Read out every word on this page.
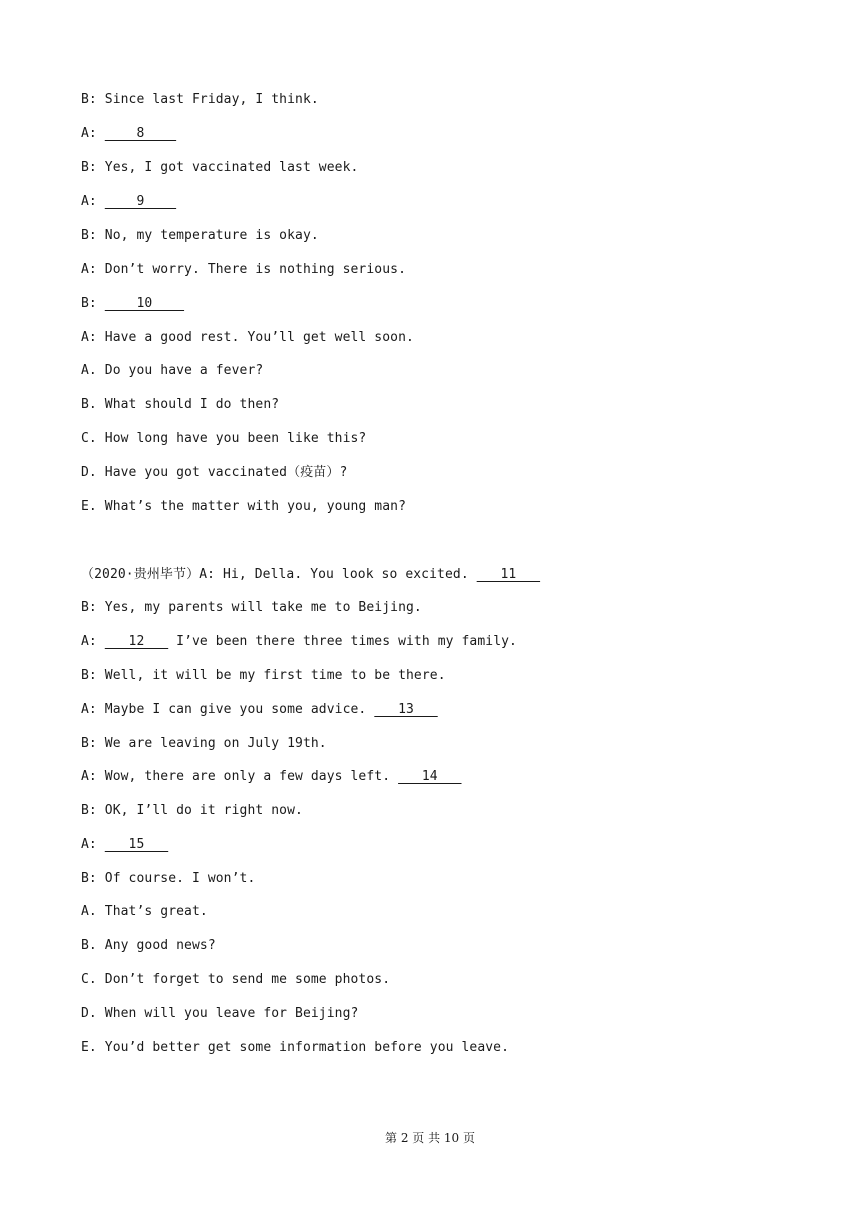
B: Since last Friday, I think.
A:     8
B: Yes, I got vaccinated last week.
A:     9
B: No, my temperature is okay.
A: Don’t worry. There is nothing serious.
B:     10
A: Have a good rest. You’ll get well soon.
A. Do you have a fever?
B. What should I do then?
C. How long have you been like this?
D. Have you got vaccinated（疫苗）?
E. What’s the matter with you, young man?
（2020·贵州毕节）A: Hi, Della. You look so excited.    11
B: Yes, my parents will take me to Beijing.
A:    12    I’ve been there three times with my family.
B: Well, it will be my first time to be there.
A: Maybe I can give you some advice.    13
B: We are leaving on July 19th.
A: Wow, there are only a few days left.    14
B: OK, I’ll do it right now.
A:    15
B: Of course. I won’t.
A. That’s great.
B. Any good news?
C. Don’t forget to send me some photos.
D. When will you leave for Beijing?
E. You’d better get some information before you leave.
第 2 页 共 10 页
